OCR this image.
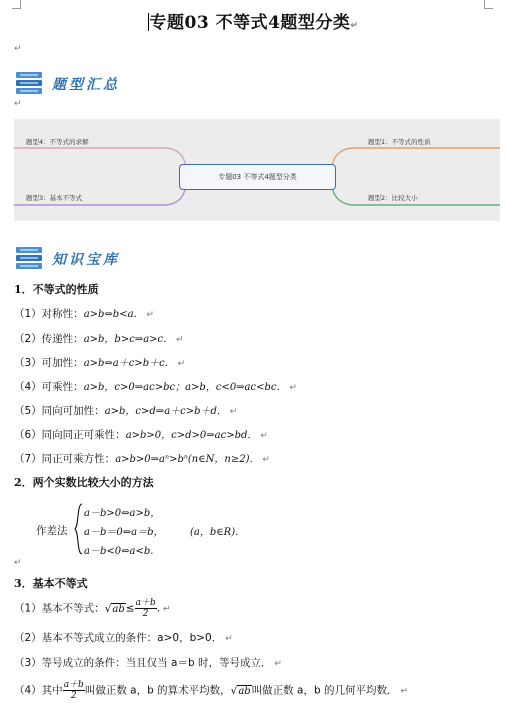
专题03 不等式4题型分类↵
↵
题型汇总
↵
题型4：不等式的求解
题型3：基本不等式
题型1：不等式的性质
题型2：比较大小
专题03 不等式4题型分类
知识宝库
1．不等式的性质
（1）对称性：a>b⇔b<a． ↵
（2）传递性：a>b，b>c⇒a>c． ↵
（3）可加性：a>b⇔a＋c>b＋c． ↵
（4）可乘性：a>b，c>0⇒ac>bc；a>b，c<0⇒ac<bc． ↵
（5）同向可加性：a>b，c>d⇒a＋c>b＋d． ↵
（6）同向同正可乘性：a>b>0，c>d>0⇒ac>bd． ↵
（7）同正可乘方性：a>b>0⇒aⁿ>bⁿ(n∈N，n≥2)． ↵
2．两个实数比较大小的方法
作差法
a－b>0⇔a>b，
a－b＝0⇔a＝b，
a－b<0⇔a<b.
(a，b∈R)．
↵
3．基本不等式
（1）基本不等式：$√ab\le \frac{a+b}{2}$ . ↵
（2）基本不等式成立的条件：a>0，b>0． ↵
（3）等号成立的条件：当且仅当 a＝b 时，等号成立． ↵
（4）其中 $\frac{a+b}{2}$ 叫做正数 a，b 的算术平均数，√ab叫做正数 a，b 的几何平均数． ↵
